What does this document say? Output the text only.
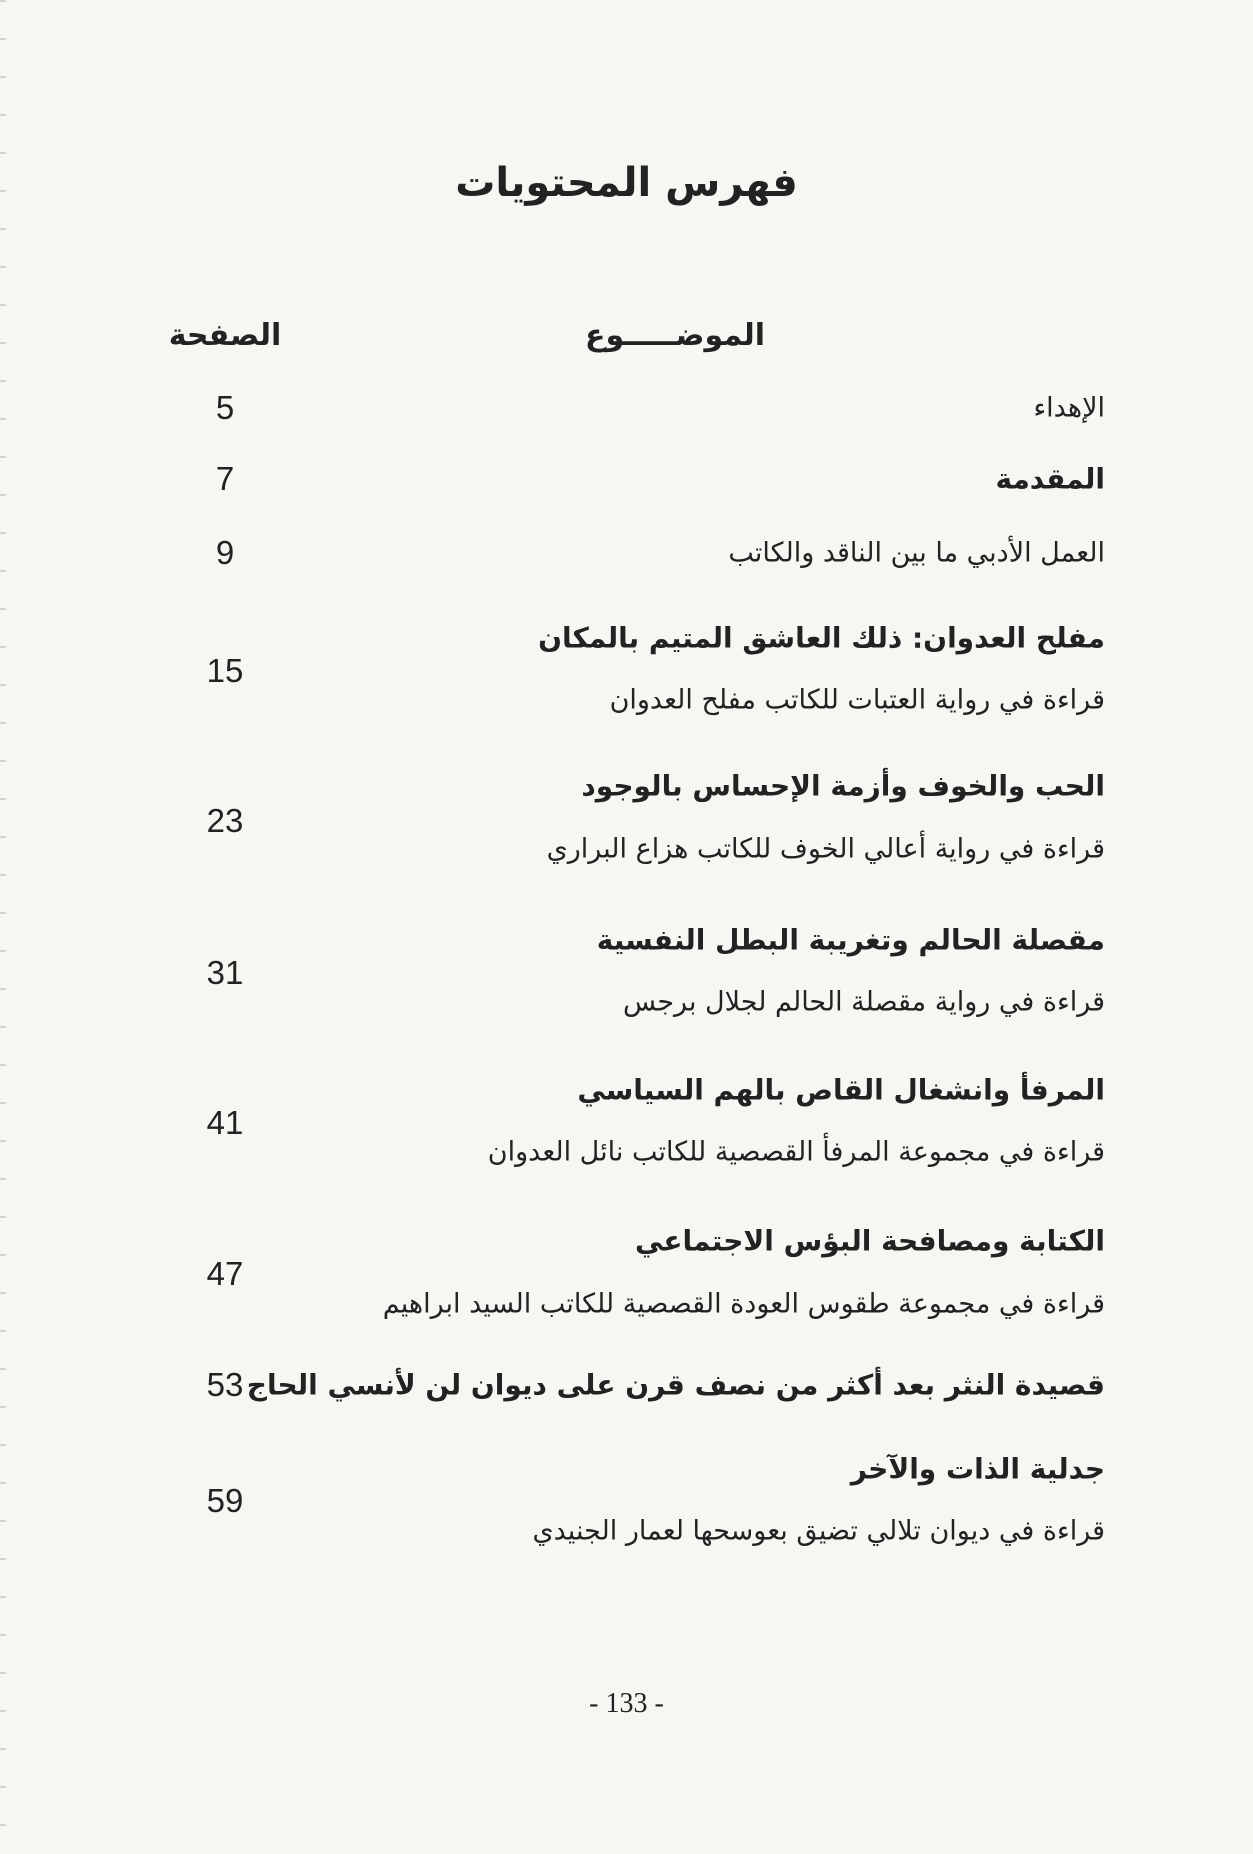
فهرس المحتويات
الموضـــــوع
الصفحة
الإهداء
5
المقدمة
7
العمل الأدبي ما بين الناقد والكاتب
9
مفلح العدوان: ذلك العاشق المتيم بالمكان
قراءة في رواية العتبات للكاتب مفلح العدوان
15
الحب والخوف وأزمة الإحساس بالوجود
قراءة في رواية أعالي الخوف للكاتب هزاع البراري
23
مقصلة الحالم وتغريبة البطل النفسية
قراءة في رواية مقصلة الحالم لجلال برجس
31
المرفأ وانشغال القاص بالهم السياسي
قراءة في مجموعة المرفأ القصصية للكاتب نائل العدوان
41
الكتابة ومصافحة البؤس الاجتماعي
قراءة في مجموعة طقوس العودة القصصية للكاتب السيد ابراهيم
47
قصيدة النثر بعد أكثر من نصف قرن على ديوان لن لأنسي الحاج
53
جدلية الذات والآخر
قراءة في ديوان تلالي تضيق بعوسحها لعمار الجنيدي
59
- 133 -
